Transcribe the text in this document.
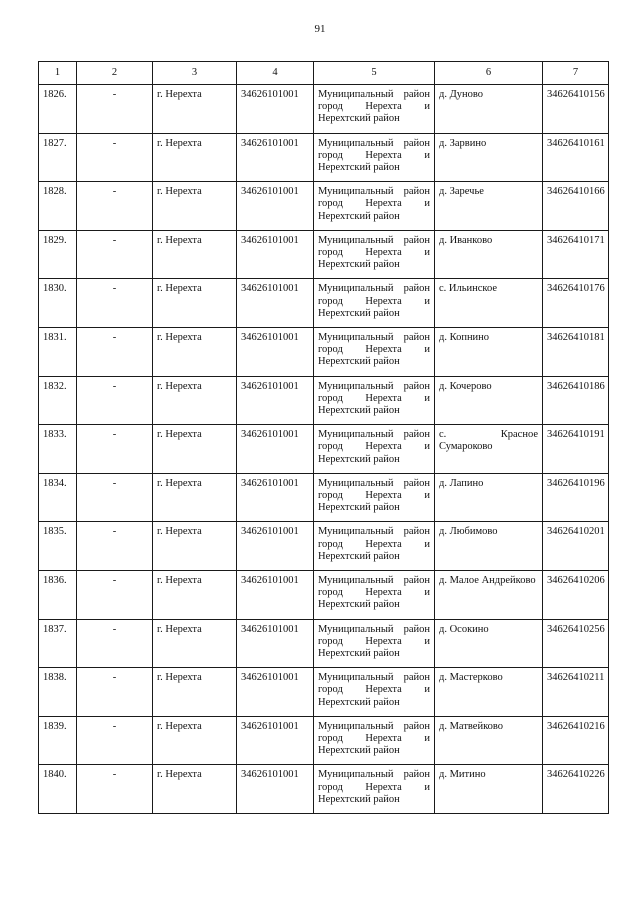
91
1	2	3	4	5	6	7
1826.	-	г. Нерехта	34626101001	Муниципальный район
город Нерехта и
Нерехтский район	д. Дуново	34626410156
1827.	-	г. Нерехта	34626101001	Муниципальный район
город Нерехта и
Нерехтский район	д. Зарвино	34626410161
1828.	-	г. Нерехта	34626101001	Муниципальный район
город Нерехта и
Нерехтский район	д. Заречье	34626410166
1829.	-	г. Нерехта	34626101001	Муниципальный район
город Нерехта и
Нерехтский район	д. Иванково	34626410171
1830.	-	г. Нерехта	34626101001	Муниципальный район
город Нерехта и
Нерехтский район	с. Ильинское	34626410176
1831.	-	г. Нерехта	34626101001	Муниципальный район
город Нерехта и
Нерехтский район	д. Копнино	34626410181
1832.	-	г. Нерехта	34626101001	Муниципальный район
город Нерехта и
Нерехтский район	д. Кочерово	34626410186
1833.	-	г. Нерехта	34626101001	Муниципальный район
город Нерехта и
Нерехтский район	с. Красное
Сумароково	34626410191
1834.	-	г. Нерехта	34626101001	Муниципальный район
город Нерехта и
Нерехтский район	д. Лапино	34626410196
1835.	-	г. Нерехта	34626101001	Муниципальный район
город Нерехта и
Нерехтский район	д. Любимово	34626410201
1836.	-	г. Нерехта	34626101001	Муниципальный район
город Нерехта и
Нерехтский район	д. Малое Андрейково	34626410206
1837.	-	г. Нерехта	34626101001	Муниципальный район
город Нерехта и
Нерехтский район	д. Осокино	34626410256
1838.	-	г. Нерехта	34626101001	Муниципальный район
город Нерехта и
Нерехтский район	д. Мастерково	34626410211
1839.	-	г. Нерехта	34626101001	Муниципальный район
город Нерехта и
Нерехтский район	д. Матвейково	34626410216
1840.	-	г. Нерехта	34626101001	Муниципальный район
город Нерехта и
Нерехтский район	д. Митино	34626410226
